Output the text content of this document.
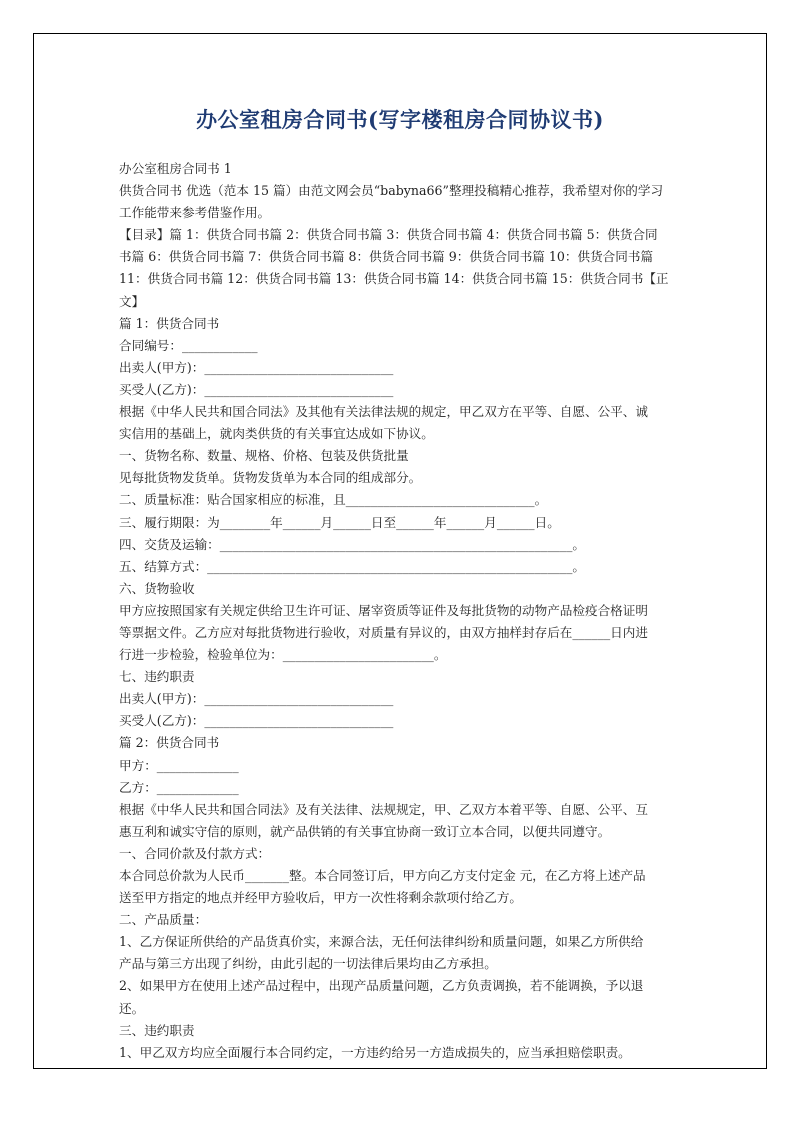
办公室租房合同书(写字楼租房合同协议书)

办公室租房合同书 1

供货合同书 优选（范本 15 篇）由范文网会员“babyna66”整理投稿精心推荐，我希望对你的学习

工作能带来参考借鉴作用。

【目录】篇 1：供货合同书篇 2：供货合同书篇 3：供货合同书篇 4：供货合同书篇 5：供货合同

书篇 6：供货合同书篇 7：供货合同书篇 8：供货合同书篇 9：供货合同书篇 10：供货合同书篇

11：供货合同书篇 12：供货合同书篇 13：供货合同书篇 14：供货合同书篇 15：供货合同书【正

文】

篇 1：供货合同书

合同编号：____________

出卖人(甲方)：______________________________

买受人(乙方)：______________________________

根据《中华人民共和国合同法》及其他有关法律法规的规定，甲乙双方在平等、自愿、公平、诚

实信用的基础上，就肉类供货的有关事宜达成如下协议。

一、货物名称、数量、规格、价格、包装及供货批量

见每批货物发货单。货物发货单为本合同的组成部分。

二、质量标准：贴合国家相应的标准，且______________________________。

三、履行期限：为________年______月______日至______年______月______日。

四、交货及运输：________________________________________________________。

五、结算方式：__________________________________________________________。

六、货物验收

甲方应按照国家有关规定供给卫生许可证、屠宰资质等证件及每批货物的动物产品检疫合格证明

等票据文件。乙方应对每批货物进行验收，对质量有异议的，由双方抽样封存后在______日内进

行进一步检验，检验单位为：________________________。

七、违约职责

出卖人(甲方)：______________________________

买受人(乙方)：______________________________

篇 2：供货合同书

甲方：_____________

乙方：_____________

根据《中华人民共和国合同法》及有关法律、法规规定，甲、乙双方本着平等、自愿、公平、互

惠互利和诚实守信的原则，就产品供销的有关事宜协商一致订立本合同，以便共同遵守。

一、合同价款及付款方式：

本合同总价款为人民币_______整。本合同签订后，甲方向乙方支付定金 元，在乙方将上述产品

送至甲方指定的地点并经甲方验收后，甲方一次性将剩余款项付给乙方。

二、产品质量：

1、乙方保证所供给的产品货真价实，来源合法，无任何法律纠纷和质量问题，如果乙方所供给

产品与第三方出现了纠纷，由此引起的一切法律后果均由乙方承担。

2、如果甲方在使用上述产品过程中，出现产品质量问题，乙方负责调换，若不能调换，予以退

还。

三、违约职责

1、甲乙双方均应全面履行本合同约定，一方违约给另一方造成损失的，应当承担赔偿职责。
